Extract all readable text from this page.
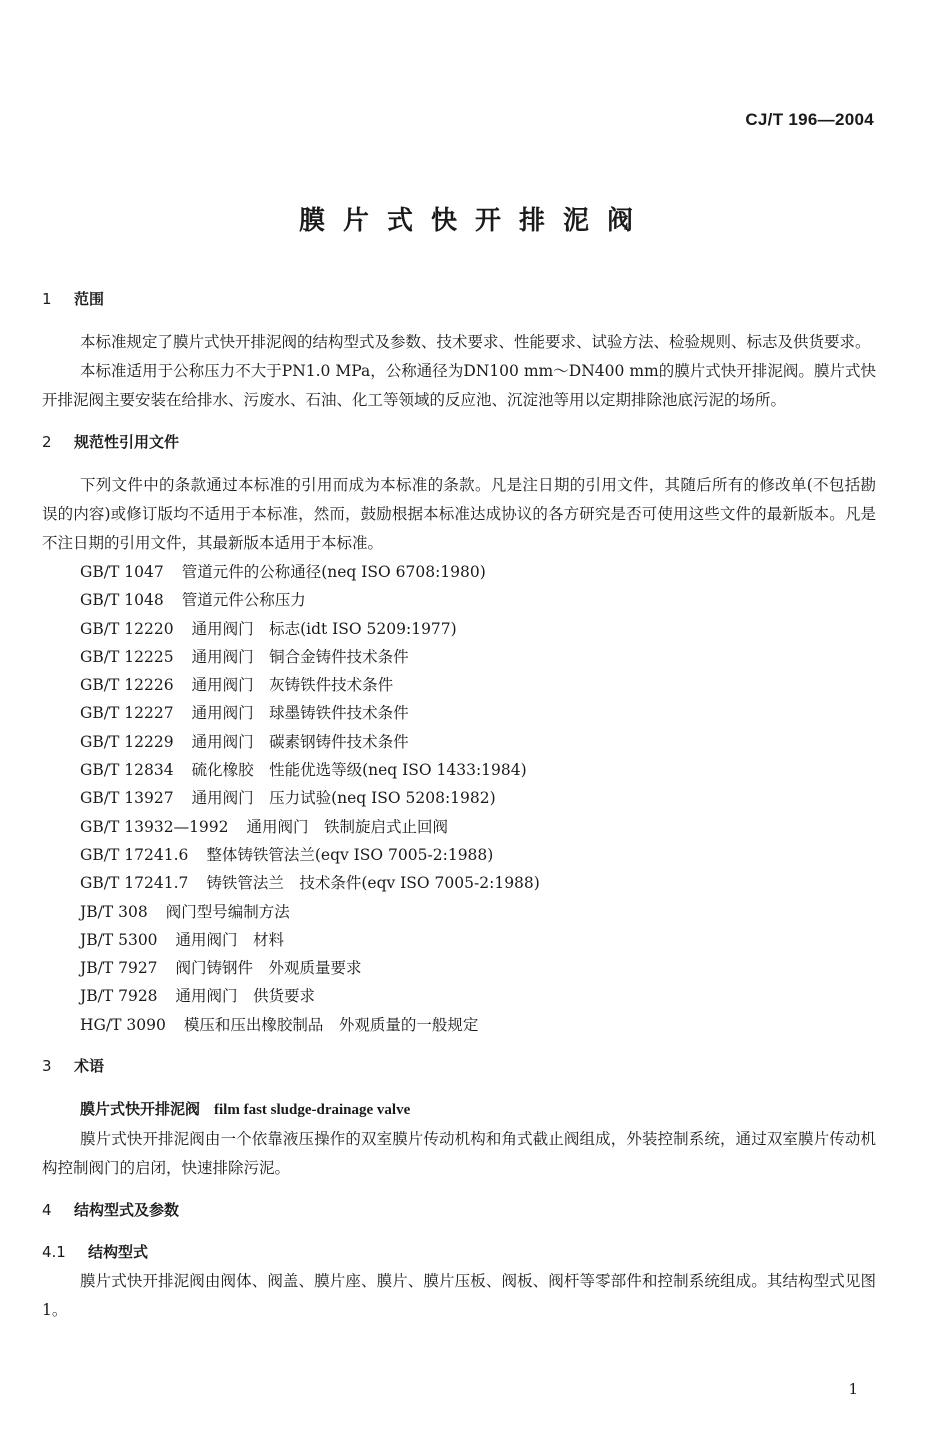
CJ/T 196—2004
膜片式快开排泥阀
1 范围

本标准规定了膜片式快开排泥阀的结构型式及参数、技术要求、性能要求、试验方法、检验规则、标志及供货要求。

本标准适用于公称压力不大于PN1.0 MPa，公称通径为DN100 mm～DN400 mm的膜片式快开排泥阀。膜片式快开排泥阀主要安装在给排水、污废水、石油、化工等领域的反应池、沉淀池等用以定期排除池底污泥的场所。

2 规范性引用文件

下列文件中的条款通过本标准的引用而成为本标准的条款。凡是注日期的引用文件，其随后所有的修改单(不包括勘误的内容)或修订版均不适用于本标准，然而，鼓励根据本标准达成协议的各方研究是否可使用这些文件的最新版本。凡是不注日期的引用文件，其最新版本适用于本标准。

GB/T 1047 管道元件的公称通径(neq ISO 6708:1980)
GB/T 1048 管道元件公称压力
GB/T 12220 通用阀门　标志(idt ISO 5209:1977)
GB/T 12225 通用阀门　铜合金铸件技术条件
GB/T 12226 通用阀门　灰铸铁件技术条件
GB/T 12227 通用阀门　球墨铸铁件技术条件
GB/T 12229 通用阀门　碳素钢铸件技术条件
GB/T 12834 硫化橡胶　性能优选等级(neq ISO 1433:1984)
GB/T 13927 通用阀门　压力试验(neq ISO 5208:1982)
GB/T 13932—1992 通用阀门　铁制旋启式止回阀
GB/T 17241.6 整体铸铁管法兰(eqv ISO 7005-2:1988)
GB/T 17241.7 铸铁管法兰　技术条件(eqv ISO 7005-2:1988)
JB/T 308 阀门型号编制方法
JB/T 5300 通用阀门　材料
JB/T 7927 阀门铸钢件　外观质量要求
JB/T 7928 通用阀门　供货要求
HG/T 3090 模压和压出橡胶制品　外观质量的一般规定
3 术语

膜片式快开排泥阀 film fast sludge-drainage valve

膜片式快开排泥阀由一个依靠液压操作的双室膜片传动机构和角式截止阀组成，外装控制系统，通过双室膜片传动机构控制阀门的启闭，快速排除污泥。

4 结构型式及参数
4.1 结构型式

膜片式快开排泥阀由阀体、阀盖、膜片座、膜片、膜片压板、阀板、阀杆等零部件和控制系统组成。其结构型式见图1。

1
